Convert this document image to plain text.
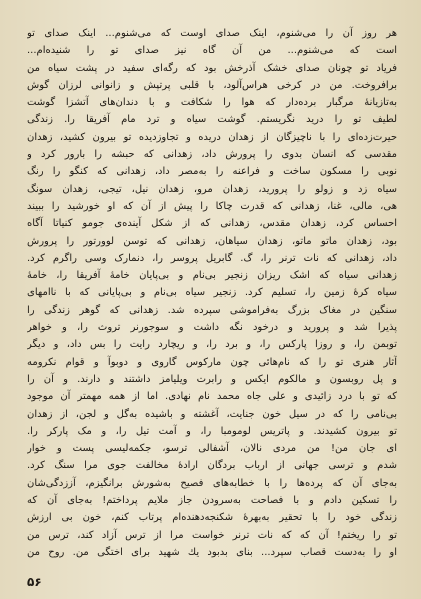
هر روز آن را می‌شنوم، اینک صدای اوست که می‌شنوم... اینک صدای تو
است که می‌شنوم... من آن گاه نیز صدای تو را شنیده‌ام...
فریاد تو چونان صدای خشک آذرخش بود که رگه‌ای سفید در پشت سیاه من
برافروخت. من در کرخی هراس‌آلود، با قلبی پرتپش و زانوانی لرزان گوش
به‌تازیانهٔ مرگبار برده‌دار که هوا را شکافت و با دندان‌های آتشزا گوشت
لطیف تو را درید نگریستم. گوشت سیاه و ترد مام آفریقا را. زندگی
حیرت‌زده‌ای را با ناچیزگان از زهدان دریده و تجاوزدیده تو بیرون کشید، زهدان
مقدسی که انسان بدوی را پرورش داد، زهدانی که حبشه را بارور کرد و
نوبی را مسکون ساخت و فراعنه را به‌مصر داد، زهدانی که کنگو را رنگ
سیاه زد و زولو را پرورید، زهدان مرو، زهدان نیل، تیجی، زهدان سونگ
هی، مالی، غنا، زهدانی که قدرت چاکا را پیش از آن که او خورشید را ببیند
احساس کرد، زهدان مقدس، زهدانی که از شکل آینده‌ی جومو کنیاتا آگاه
بود، زهدان ماتو ماتو، زهدان سیاهان، زهدانی که توسن لوورتور را پرورش
داد، زهدانی که نات ترنر را، گ. گابریل پروسر را، دنمارک وسی راگرم کرد.
زهدانی سیاه که اشک ریزان زنجیر بی‌نام و بی‌پایان خامهٔ آفریقا را، خامهٔ
سیاه کرهٔ زمین را، تسلیم کرد. زنجیر سیاه بی‌نام و بی‌پایانی که با ناامهای
سنگین در مغاک بزرگ به‌فراموشی سپرده شد. زهدانی که گوهر زندگی را
پذیرا شد و پرورید و درخود نگه داشت و سوجورنر تروث را، و خواهر
توبمن را، و روزا پارکس را، و برد را، و ریچارد رایت را بس داد، و دیگر
آثار هنری تو را که نام‌هائی چون مارکوس گاروی و دوبوآ و قوام نکرومه
و پل روبسون و مالکوم ایکس و رابرت ویلیامز داشتند و دارند. و آن را
که تو با درد زائیدی و علی جاه محمد نام نهادی. اما از همه مهمتر آن موجود
بی‌نامی را که در سیل خون جنایت، آغشته و باشیده به‌گل و لجن، از زهدان
تو بیرون کشیدند. و پاتریس لومومبا را، و آمت تیل را، و مک پارکر را.
ای جان من! من مردی نالان، آشفالی ترسو، جکمه‌لیسی پست و خوار
شدم و ترسی جهانی از ارباب بردگان ارادهٔ مخالفت جوی مرا سنگ کرد.
به‌جای آن که پرده‌ها را با خطابه‌های فصیح به‌شورش برانگیزم، آززدگی‌شان
را تسکین دادم و با فصاحت به‌سرودن جاز ملایم پرداختم! به‌جای آن که
زندگی خود را با تحقیر به‌بهرهٔ شکنجه‌دهنده‌ام پرتاب کنم، خون بی ارزش
تو را ریختم! آن که که نات ترنر خواست مرا از ترس آزاد کند، ترس من
او را به‌دست قصاب سپرد... بنای بدبود یك شهید برای اختگی من. روح من
۵۶
